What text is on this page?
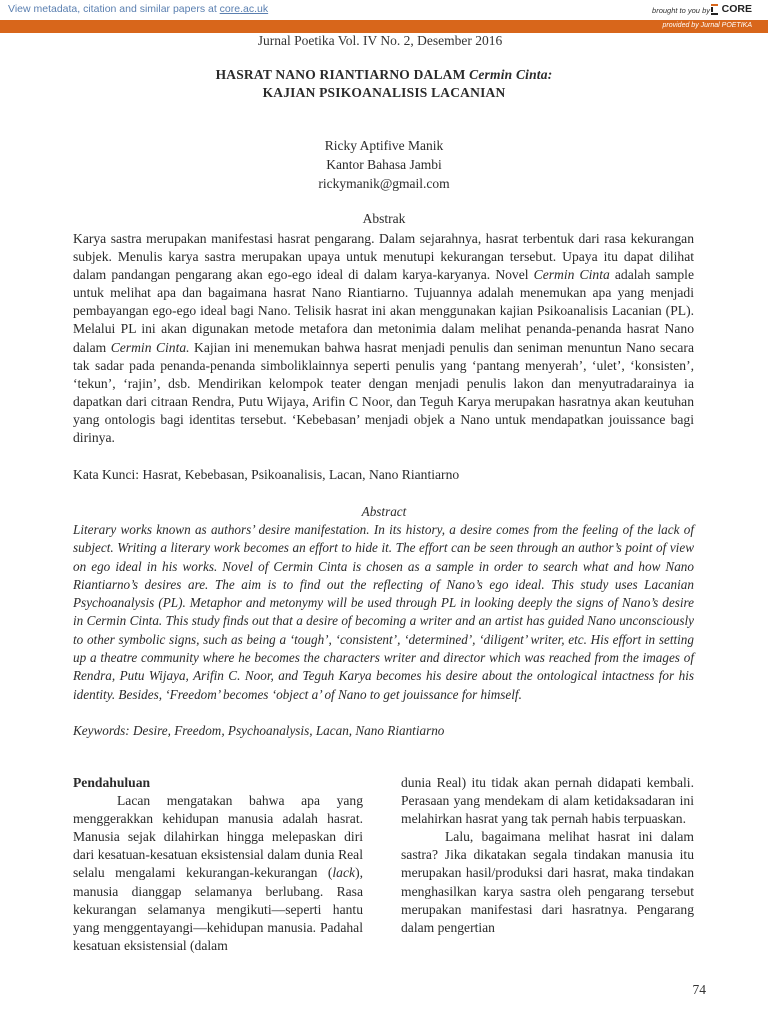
View metadata, citation and similar papers at core.ac.uk	brought to you by CORE
provided by Jurnal POETIKA
Jurnal Poetika Vol. IV No. 2, Desember 2016
HASRAT NANO RIANTIARNO DALAM Cermin Cinta:
KAJIAN PSIKOANALISIS LACANIAN
Ricky Aptifive Manik
Kantor Bahasa Jambi
rickymanik@gmail.com
Abstrak

Karya sastra merupakan manifestasi hasrat pengarang. Dalam sejarahnya, hasrat terbentuk dari rasa kekurangan subjek. Menulis karya sastra merupakan upaya untuk menutupi kekurangan tersebut. Upaya itu dapat dilihat dalam pandangan pengarang akan ego-ego ideal di dalam karya-karyanya. Novel Cermin Cinta adalah sample untuk melihat apa dan bagaimana hasrat Nano Riantiarno. Tujuannya adalah menemukan apa yang menjadi pembayangan ego-ego ideal bagi Nano. Telisik hasrat ini akan menggunakan kajian Psikoanalisis Lacanian (PL). Melalui PL ini akan digunakan metode metafora dan metonimia dalam melihat penanda-penanda hasrat Nano dalam Cermin Cinta. Kajian ini menemukan bahwa hasrat menjadi penulis dan seniman menuntun Nano secara tak sadar pada penanda-penanda simboliklainnya seperti penulis yang ‘pantang menyerah’, ‘ulet’, ‘konsisten’, ‘tekun’, ‘rajin’, dsb. Mendirikan kelompok teater dengan menjadi penulis lakon dan menyutradarainya ia dapatkan dari citraan Rendra, Putu Wijaya, Arifin C Noor, dan Teguh Karya merupakan hasratnya akan keutuhan yang ontologis bagi identitas tersebut. ‘Kebebasan’ menjadi objek a Nano untuk mendapatkan jouissance bagi dirinya.

Kata Kunci: Hasrat, Kebebasan, Psikoanalisis, Lacan, Nano Riantiarno

Abstract

Literary works known as authors’ desire manifestation. In its history, a desire comes from the feeling of the lack of subject. Writing a literary work becomes an effort to hide it. The effort can be seen through an author’s point of view on ego ideal in his works. Novel of Cermin Cinta is chosen as a sample in order to search what and how Nano Riantiarno’s desires are. The aim is to find out the reflecting of Nano’s ego ideal. This study uses Lacanian Psychoanalysis (PL). Metaphor and metonymy will be used through PL in looking deeply the signs of Nano’s desire in Cermin Cinta. This study finds out that a desire of becoming a writer and an artist has guided Nano unconsciously to other symbolic signs, such as being a ‘tough’, ‘consistent’, ‘determined’, ‘diligent’ writer, etc. His effort in setting up a theatre community where he becomes the characters writer and director which was reached from the images of Rendra, Putu Wijaya, Arifin C. Noor, and Teguh Karya becomes his desire about the ontological intactness for his identity. Besides, ‘Freedom’ becomes ‘object a’ of Nano to get jouissance for himself.

Keywords: Desire, Freedom, Psychoanalysis, Lacan, Nano Riantiarno

Pendahuluan

Lacan mengatakan bahwa apa yang menggerakkan kehidupan manusia adalah hasrat. Manusia sejak dilahirkan hingga melepaskan diri dari kesatuan-kesatuan eksistensial dalam dunia Real selalu mengalami kekurangan-kekurangan (lack), manusia dianggap selamanya berlubang. Rasa kekurangan selamanya mengikuti—seperti hantu yang menggentayangi—kehidupan manusia. Padahal kesatuan eksistensial (dalam

dunia Real) itu tidak akan pernah didapati kembali. Perasaan yang mendekam di alam ketidaksadaran ini melahirkan hasrat yang tak pernah habis terpuaskan.

Lalu, bagaimana melihat hasrat ini dalam sastra? Jika dikatakan segala tindakan manusia itu merupakan hasil/produksi dari hasrat, maka tindakan menghasilkan karya sastra oleh pengarang tersebut merupakan manifestasi dari hasratnya. Pengarang dalam pengertian

74
